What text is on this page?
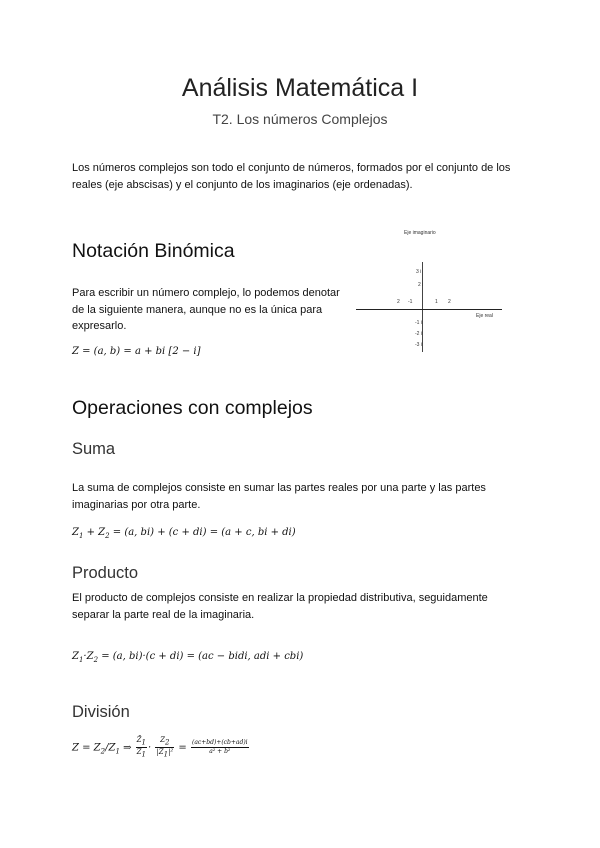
Análisis Matemática I
T2. Los números Complejos
Los números complejos son todo el conjunto de números, formados por el conjunto de los reales (eje abscisas) y el conjunto de los imaginarios (eje ordenadas).
Notación Binómica
Para escribir un número complejo, lo podemos denotar de la siguiente manera, aunque no es la única para expresarlo.
Z = (a, b) = a + bi [2 − i]
Eje imaginario
Eje real
3 i
2 i
-1 i
-2 i
-3 i
2 -1	1 2
Operaciones con complejos
Suma
La suma de complejos consiste en sumar las partes reales por una parte y las partes imaginarias por otra parte.
$Z_1 + Z_2 = (a$, bi) + (c + di) = (a + c, bi + di)
Producto
El producto de complejos consiste en realizar la propiedad distributiva, seguidamente separar la parte real de la imaginaria.
$Z_1\cdot Z_2 = (a$, bi)·(c + di) = (ac − bidi, adi + cbi)
División
$Z = Z_2/Z_1$ ⇒ $\frac{Z̄_1}{Z̄_1} \cdot \frac{Z_2}{|Z_1|^2} = \frac{(ac+bd)+(cb+ad)i}{\text{a² + b²}}$
